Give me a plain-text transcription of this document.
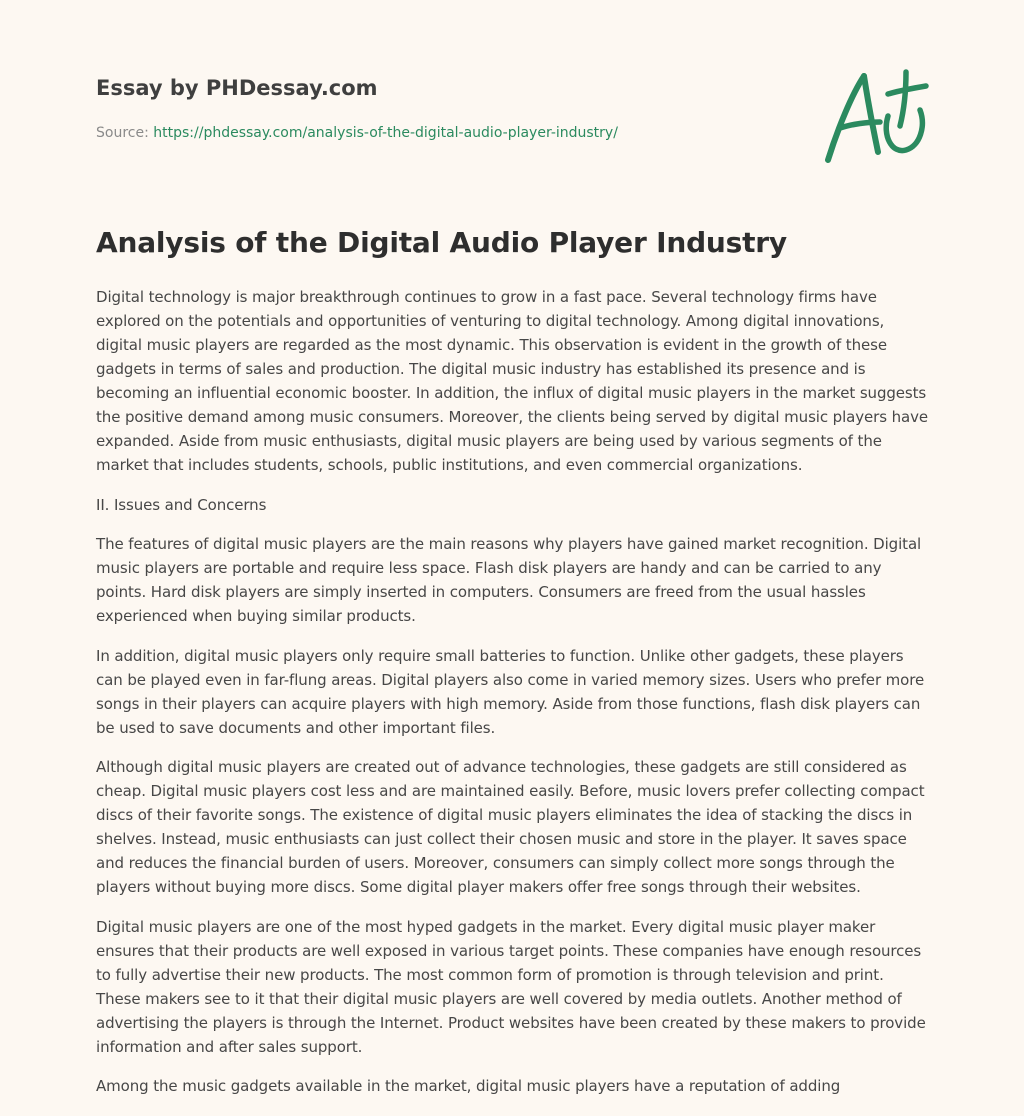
Essay by PHDessay.com

Source: https://phdessay.com/analysis-of-the-digital-audio-player-industry/

Analysis of the Digital Audio Player Industry

Digital technology is major breakthrough continues to grow in a fast pace. Several technology firms have explored on the potentials and opportunities of venturing to digital technology. Among digital innovations, digital music players are regarded as the most dynamic. This observation is evident in the growth of these gadgets in terms of sales and production. The digital music industry has established its presence and is becoming an influential economic booster. In addition, the influx of digital music players in the market suggests the positive demand among music consumers. Moreover, the clients being served by digital music players have expanded. Aside from music enthusiasts, digital music players are being used by various segments of the market that includes students, schools, public institutions, and even commercial organizations.

II. Issues and Concerns

The features of digital music players are the main reasons why players have gained market recognition. Digital music players are portable and require less space. Flash disk players are handy and can be carried to any points. Hard disk players are simply inserted in computers. Consumers are freed from the usual hassles experienced when buying similar products.

In addition, digital music players only require small batteries to function. Unlike other gadgets, these players can be played even in far-flung areas. Digital players also come in varied memory sizes. Users who prefer more songs in their players can acquire players with high memory. Aside from those functions, flash disk players can be used to save documents and other important files.

Although digital music players are created out of advance technologies, these gadgets are still considered as cheap. Digital music players cost less and are maintained easily. Before, music lovers prefer collecting compact discs of their favorite songs. The existence of digital music players eliminates the idea of stacking the discs in shelves. Instead, music enthusiasts can just collect their chosen music and store in the player. It saves space and reduces the financial burden of users. Moreover, consumers can simply collect more songs through the players without buying more discs. Some digital player makers offer free songs through their websites.

Digital music players are one of the most hyped gadgets in the market. Every digital music player maker ensures that their products are well exposed in various target points. These companies have enough resources to fully advertise their new products. The most common form of promotion is through television and print. These makers see to it that their digital music players are well covered by media outlets. Another method of advertising the players is through the Internet. Product websites have been created by these makers to provide information and after sales support.

Among the music gadgets available in the market, digital music players have a reputation of adding
